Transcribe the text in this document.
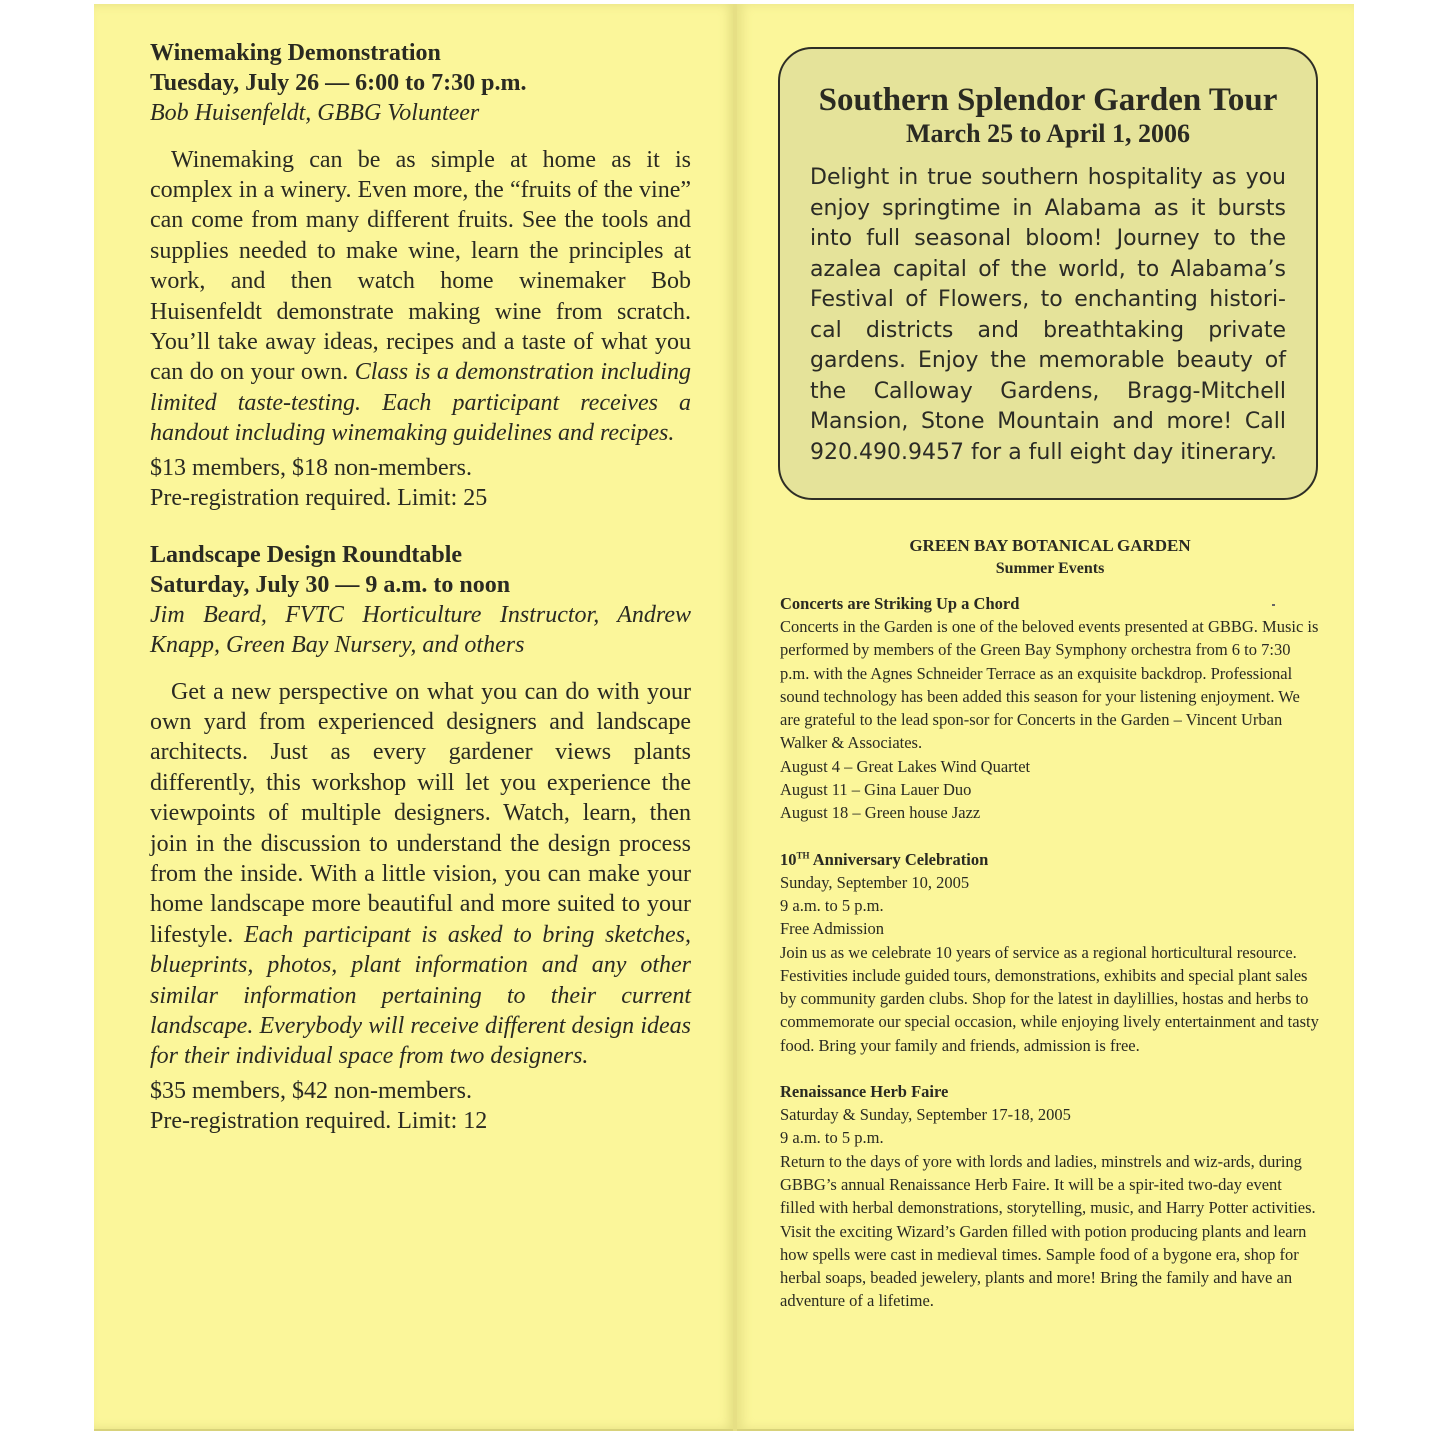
Winemaking Demonstration

Tuesday, July 26 — 6:00 to 7:30 p.m.

Bob Huisenfeldt, GBBG Volunteer

Winemaking can be as simple at home as it is complex in a winery. Even more, the “fruits of the vine” can come from many different fruits. See the tools and supplies needed to make wine, learn the principles at work, and then watch home winemaker Bob Huisenfeldt demonstrate making wine from scratch. You’ll take away ideas, recipes and a taste of what you can do on your own. Class is a demonstration including limited taste-testing. Each participant receives a handout including winemaking guidelines and recipes.

$13 members, $18 non-members.

Pre-registration required. Limit: 25

Landscape Design Roundtable

Saturday, July 30 — 9 a.m. to noon

Jim Beard, FVTC Horticulture Instructor, Andrew Knapp, Green Bay Nursery, and others

Get a new perspective on what you can do with your own yard from experienced designers and landscape architects. Just as every gardener views plants differently, this workshop will let you experience the viewpoints of multiple designers. Watch, learn, then join in the discussion to understand the design process from the inside. With a little vision, you can make your home landscape more beautiful and more suited to your lifestyle. Each participant is asked to bring sketches, blueprints, photos, plant information and any other similar information pertaining to their current landscape. Everybody will receive different design ideas for their individual space from two designers.

$35 members, $42 non-members.

Pre-registration required. Limit: 12

Southern Splendor Garden Tour
March 25 to April 1, 2006
Delight in true southern hospitality as you enjoy springtime in Alabama as it bursts into full seasonal bloom! Journey to the azalea capital of the world, to Alabama’s Festival of Flowers, to enchanting histori-cal districts and breathtaking private gardens. Enjoy the memorable beauty of the Calloway Gardens, Bragg-Mitchell Mansion, Stone Mountain and more! Call 920.490.9457 for a full eight day itinerary.
GREEN BAY BOTANICAL GARDEN
Summer Events
Concerts are Striking Up a Chord
Concerts in the Garden is one of the beloved events presented at GBBG. Music is performed by members of the Green Bay Symphony orchestra from 6 to 7:30 p.m. with the Agnes Schneider Terrace as an exquisite backdrop. Professional sound technology has been added this season for your listening enjoyment. We are grateful to the lead spon-sor for Concerts in the Garden – Vincent Urban Walker & Associates.
August 4 – Great Lakes Wind Quartet
August 11 – Gina Lauer Duo
August 18 – Green house Jazz
10TH Anniversary Celebration
Sunday, September 10, 2005
9 a.m. to 5 p.m.
Free Admission
Join us as we celebrate 10 years of service as a regional horticultural resource. Festivities include guided tours, demonstrations, exhibits and special plant sales by community garden clubs. Shop for the latest in daylillies, hostas and herbs to commemorate our special occasion, while enjoying lively entertainment and tasty food. Bring your family and friends, admission is free.
Renaissance Herb Faire
Saturday & Sunday, September 17-18, 2005
9 a.m. to 5 p.m.
Return to the days of yore with lords and ladies, minstrels and wiz-ards, during GBBG’s annual Renaissance Herb Faire. It will be a spir-ited two-day event filled with herbal demonstrations, storytelling, music, and Harry Potter activities. Visit the exciting Wizard’s Garden filled with potion producing plants and learn how spells were cast in medieval times. Sample food of a bygone era, shop for herbal soaps, beaded jewelery, plants and more! Bring the family and have an adventure of a lifetime.
